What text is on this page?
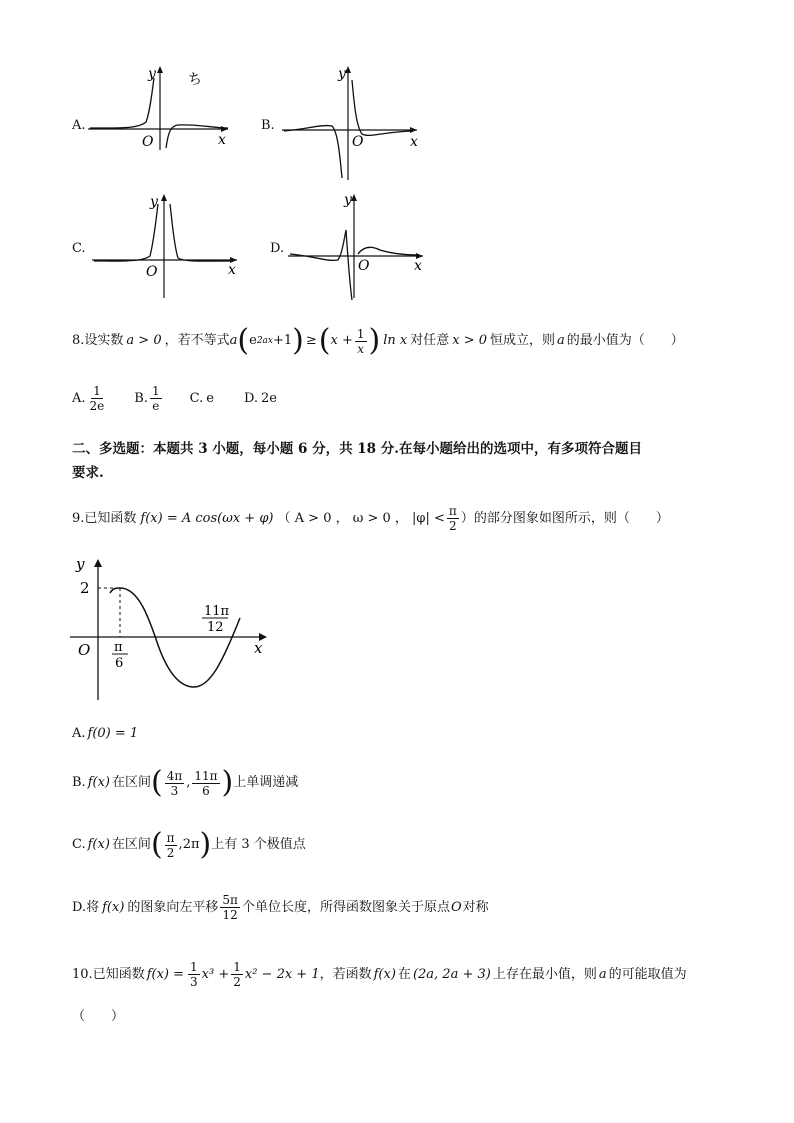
A.
y
x
O
ち
B.
y
x
O
C.
y
x
O
D.
y
x
O
8. 设实数 a > 0 ，若不等式 a ( e 2ax +1 ) ≥ ( $x + \frac{1}{x}$ ) ln x 对任意 x > 0 恒成立，则 a 的最小值为（　　）
A. $\frac{1}{2e} B$. $\frac{1}{e} C$. e D. 2e
二、多选题：本题共 3 小题，每小题 6 分，共 18 分.在每小题给出的选项中，有多项符合题目
要求.
9. 已知函数 f(x) = A cos(ωx + φ) （ A > 0 ， ω > 0 ， $|\varphi| < \frac{\pi}{2}$ ）的部分图象如图所示，则（　　）
y
x
O
2
π
6
11π
12
A. f(0) = 1
B. f(x) 在区间 ( $\frac{4\pi}{3}$ , $\frac{11\pi}{6}$ ) 上单调递减
C. f(x) 在区间 ( $\frac{\pi}{2}$ , 2π ) 上有 3 个极值点
D. 将 f(x) 的图象向左平移 $\frac{5\pi}{12}$ 个单位长度，所得函数图象关于原点 O 对称
10. 已知函数 $f(x) = \frac{1}{3} x^3 + \frac{1}{2} x^2 - 2x + 1$ ，若函数 f(x) 在 (2a, 2a + 3) 上存在最小值，则 a 的可能取值为
（　　）
